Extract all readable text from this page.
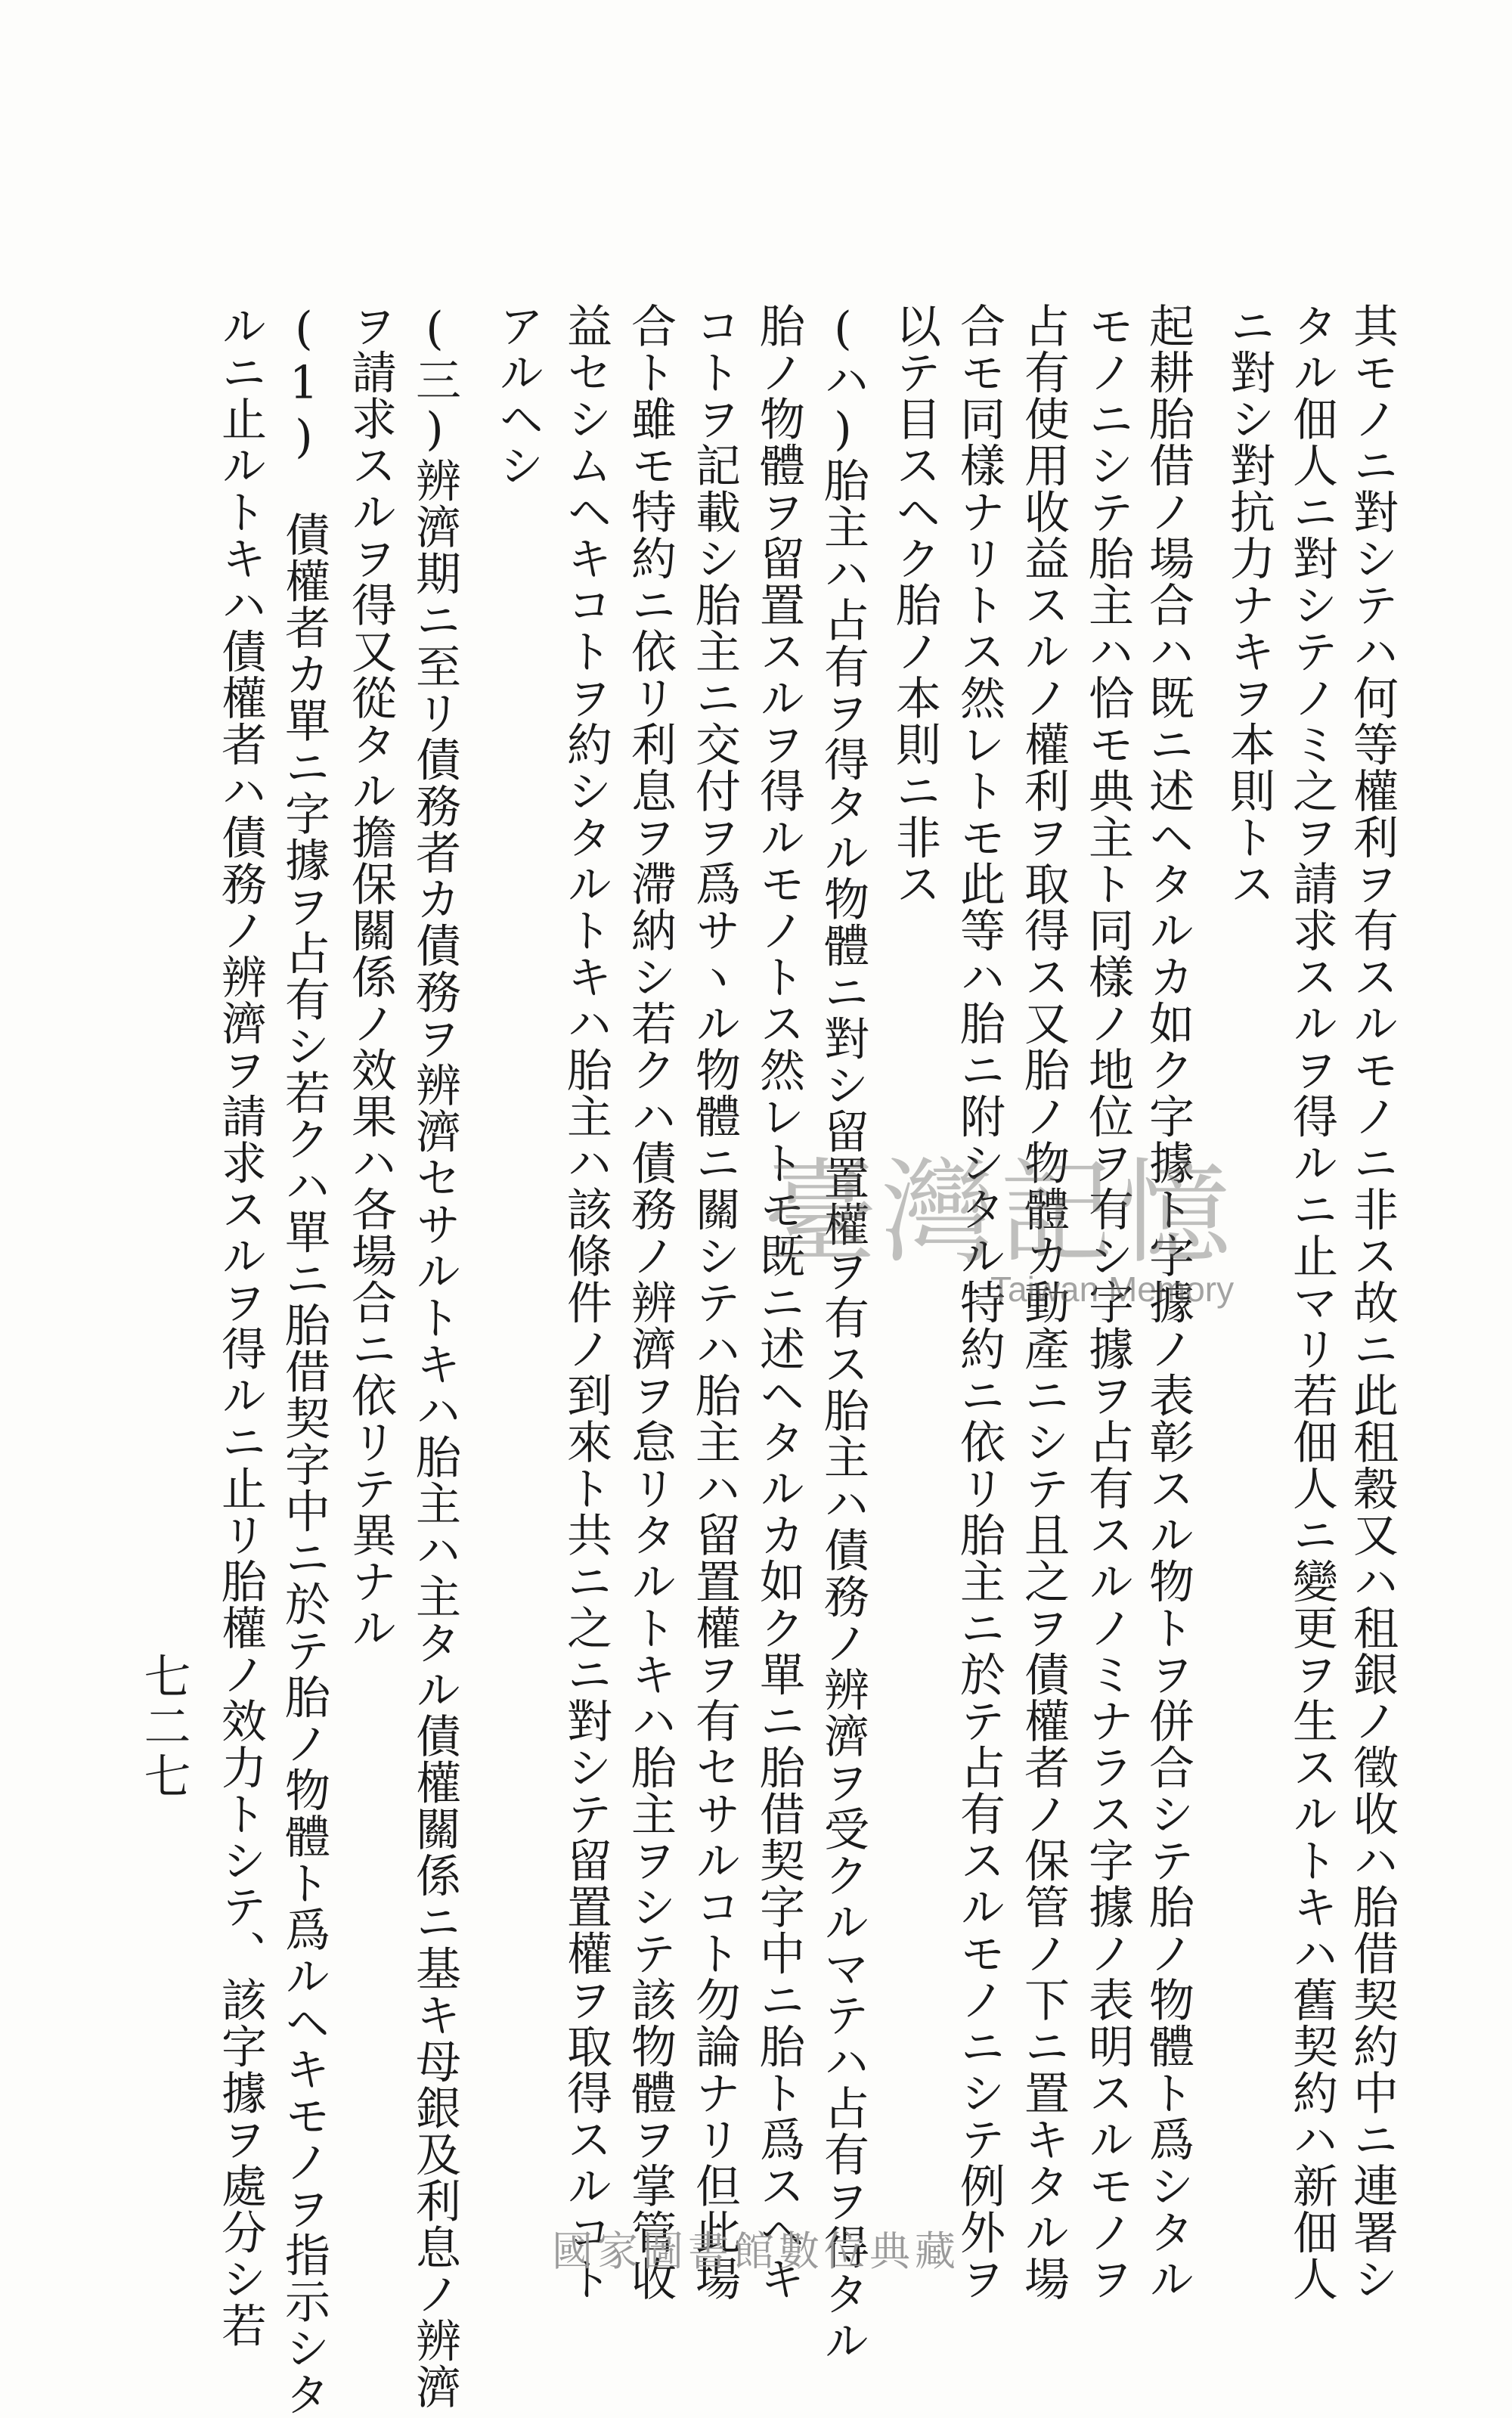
其モノニ對シテハ何等權利ヲ有スルモノニ非ス故ニ此租穀又ハ租銀ノ徵收ハ胎借契約中ニ連署シ
タル佃人ニ對シテノミ之ヲ請求スルヲ得ルニ止マリ若佃人ニ變更ヲ生スルトキハ舊契約ハ新佃人
ニ對シ對抗力ナキヲ本則トス
起耕胎借ノ場合ハ既ニ述ヘタルカ如ク字據ト字據ノ表彰スル物トヲ併合シテ胎ノ物體ト爲シタル
モノニシテ胎主ハ恰モ典主ト同樣ノ地位ヲ有シ字據ヲ占有スルノミナラス字據ノ表明スルモノヲ
占有使用收益スルノ權利ヲ取得ス又胎ノ物體カ動產ニシテ且之ヲ債權者ノ保管ノ下ニ置キタル場
合モ同樣ナリトス然レトモ此等ハ胎ニ附シタル特約ニ依リ胎主ニ於テ占有スルモノニシテ例外ヲ
以テ目スヘク胎ノ本則ニ非ス
(ハ)胎主ハ占有ヲ得タル物體ニ對シ留置權ヲ有ス胎主ハ債務ノ辨濟ヲ受クルマテハ占有ヲ得タル
胎ノ物體ヲ留置スルヲ得ルモノトス然レトモ既ニ述ヘタルカ如ク單ニ胎借契字中ニ胎ト爲スヘキ
コトヲ記載シ胎主ニ交付ヲ爲サヽル物體ニ關シテハ胎主ハ留置權ヲ有セサルコト勿論ナリ但此場
合ト雖モ特約ニ依リ利息ヲ滯納シ若クハ債務ノ辨濟ヲ怠リタルトキハ胎主ヲシテ該物體ヲ掌管收
益セシムヘキコトヲ約シタルトキハ胎主ハ該條件ノ到來ト共ニ之ニ對シテ留置權ヲ取得スルコト
アルヘシ
(三)辨濟期ニ至リ債務者カ債務ヲ辨濟セサルトキハ胎主ハ主タル債權關係ニ基キ母銀及利息ノ辨濟
ヲ請求スルヲ得又從タル擔保關係ノ效果ハ各場合ニ依リテ異ナル
(1)　債權者カ單ニ字據ヲ占有シ若クハ單ニ胎借契字中ニ於テ胎ノ物體ト爲ルヘキモノヲ指示シタ
ルニ止ルトキハ債權者ハ債務ノ辨濟ヲ請求スルヲ得ルニ止リ胎權ノ效力トシテ、該字據ヲ處分シ若
七二七
臺灣記憶
Taiwan Memory
國家圖書館數位典藏
